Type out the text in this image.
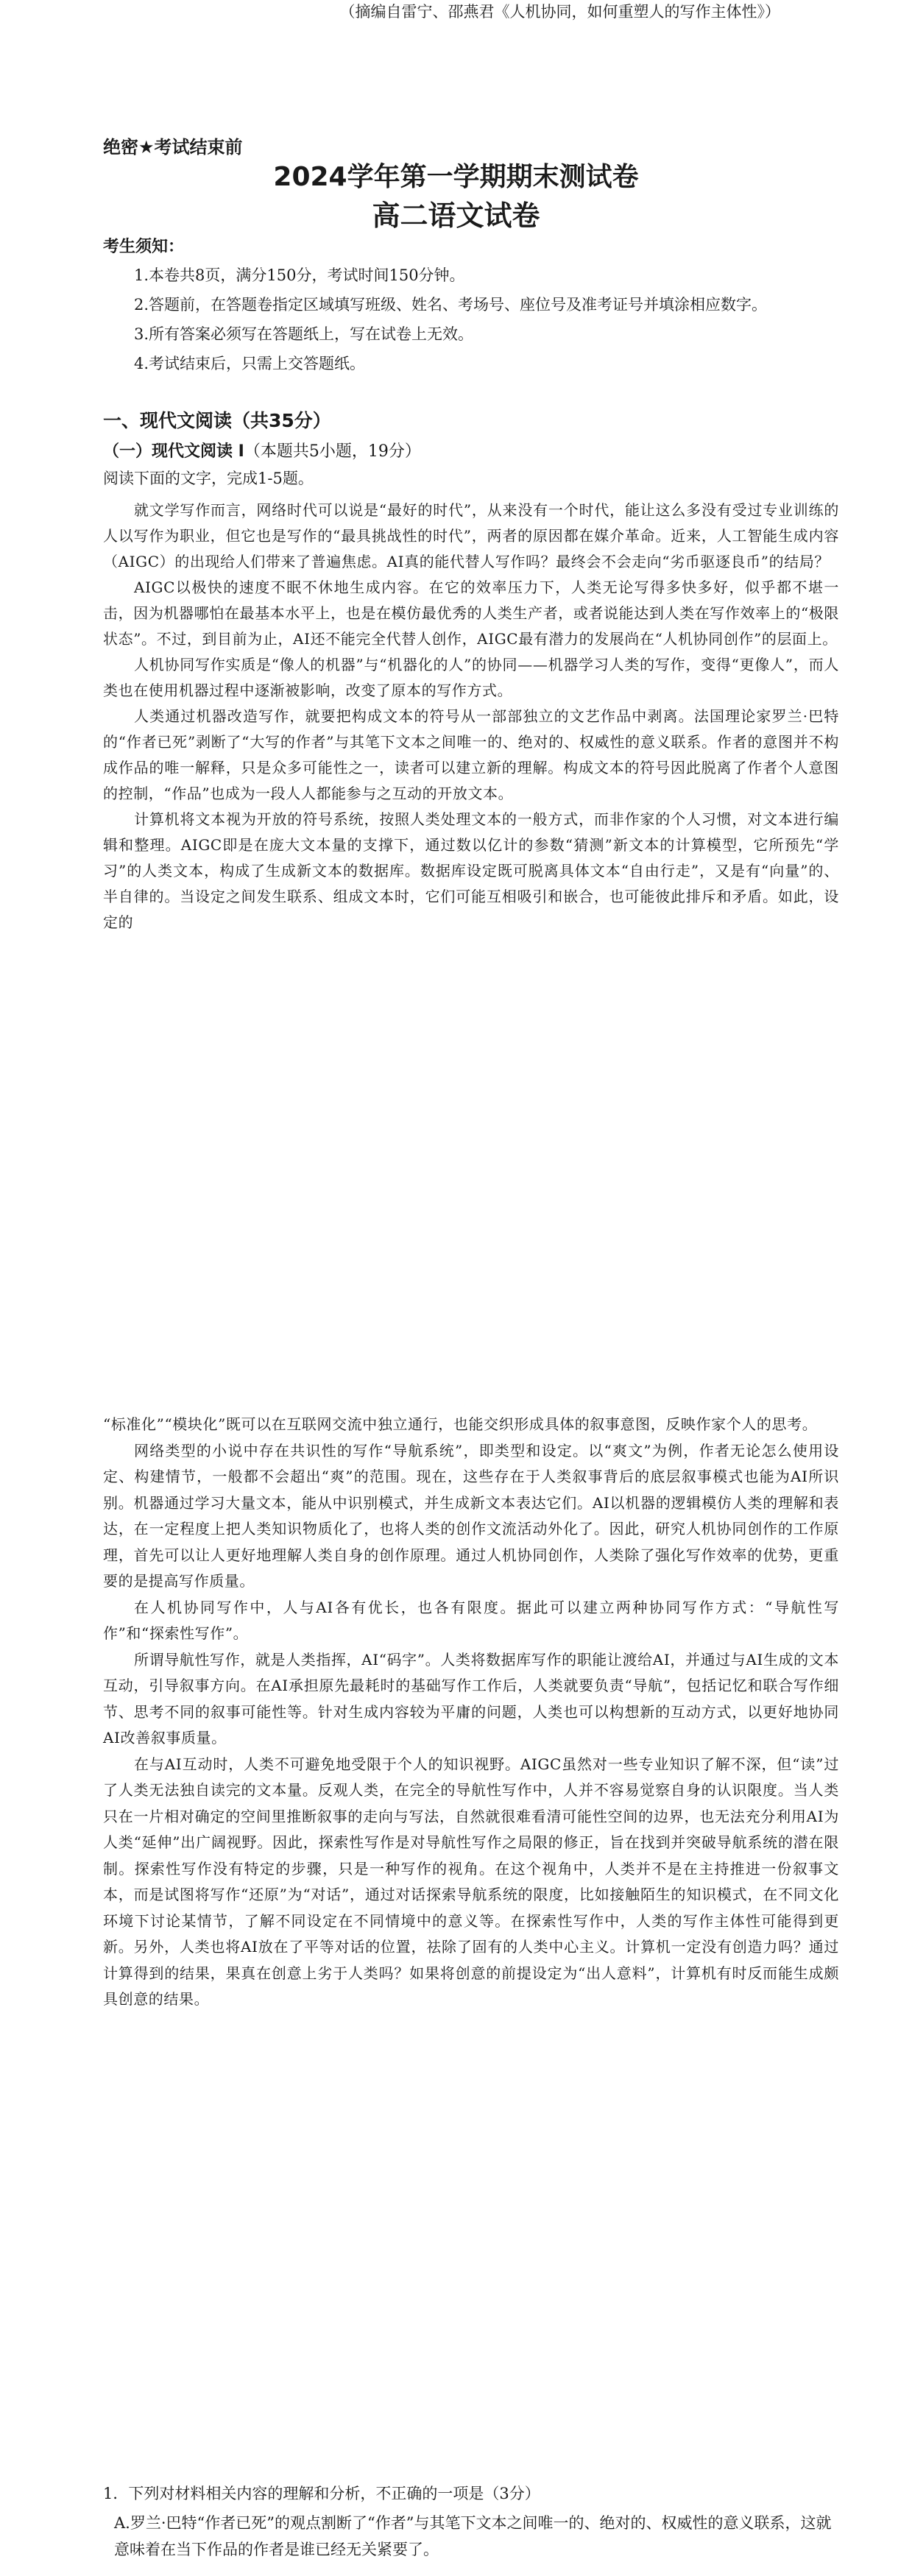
绝密★考试结束前
2024学年第一学期期末测试卷
高二语文试卷
考生须知：

1.本卷共8页，满分150分，考试时间150分钟。

2.答题前，在答题卷指定区域填写班级、姓名、考场号、座位号及准考证号并填涂相应数字。

3.所有答案必须写在答题纸上，写在试卷上无效。

4.考试结束后，只需上交答题纸。

一、现代文阅读（共35分）
（一）现代文阅读 I（本题共5小题，19分）
阅读下面的文字，完成1-5题。

就文学写作而言，网络时代可以说是“最好的时代”，从来没有一个时代，能让这么多没有受过专业训练的人以写作为职业，但它也是写作的“最具挑战性的时代”，两者的原因都在媒介革命。近来，人工智能生成内容（AIGC）的出现给人们带来了普遍焦虑。AI真的能代替人写作吗？最终会不会走向“劣币驱逐良币”的结局？

AIGC以极快的速度不眠不休地生成内容。在它的效率压力下，人类无论写得多快多好，似乎都不堪一击，因为机器哪怕在最基本水平上，也是在模仿最优秀的人类生产者，或者说能达到人类在写作效率上的“极限状态”。不过，到目前为止，AI还不能完全代替人创作，AIGC最有潜力的发展尚在“人机协同创作”的层面上。

人机协同写作实质是“像人的机器”与“机器化的人”的协同——机器学习人类的写作，变得“更像人”，而人类也在使用机器过程中逐渐被影响，改变了原本的写作方式。

人类通过机器改造写作，就要把构成文本的符号从一部部独立的文艺作品中剥离。法国理论家罗兰·巴特的“作者已死”剥断了“大写的作者”与其笔下文本之间唯一的、绝对的、权威性的意义联系。作者的意图并不构成作品的唯一解释，只是众多可能性之一，读者可以建立新的理解。构成文本的符号因此脱离了作者个人意图的控制，“作品”也成为一段人人都能参与之互动的开放文本。

计算机将文本视为开放的符号系统，按照人类处理文本的一般方式，而非作家的个人习惯，对文本进行编辑和整理。AIGC即是在庞大文本量的支撑下，通过数以亿计的参数“猜测”新文本的计算模型，它所预先“学习”的人类文本，构成了生成新文本的数据库。数据库设定既可脱离具体文本“自由行走”，又是有“向量”的、半自律的。当设定之间发生联系、组成文本时，它们可能互相吸引和嵌合，也可能彼此排斥和矛盾。如此，设定的

“标准化”“模块化”既可以在互联网交流中独立通行，也能交织形成具体的叙事意图，反映作家个人的思考。

网络类型的小说中存在共识性的写作“导航系统”，即类型和设定。以“爽文”为例，作者无论怎么使用设定、构建情节，一般都不会超出“爽”的范围。现在，这些存在于人类叙事背后的底层叙事模式也能为AI所识别。机器通过学习大量文本，能从中识别模式，并生成新文本表达它们。AI以机器的逻辑模仿人类的理解和表达，在一定程度上把人类知识物质化了，也将人类的创作文流活动外化了。因此，研究人机协同创作的工作原理，首先可以让人更好地理解人类自身的创作原理。通过人机协同创作，人类除了强化写作效率的优势，更重要的是提高写作质量。

在人机协同写作中，人与AI各有优长，也各有限度。据此可以建立两种协同写作方式：“导航性写作”和“探索性写作”。

所谓导航性写作，就是人类指挥，AI“码字”。人类将数据库写作的职能让渡给AI，并通过与AI生成的文本互动，引导叙事方向。在AI承担原先最耗时的基础写作工作后，人类就要负责“导航”，包括记忆和联合写作细节、思考不同的叙事可能性等。针对生成内容较为平庸的问题，人类也可以构想新的互动方式，以更好地协同AI改善叙事质量。

在与AI互动时，人类不可避免地受限于个人的知识视野。AIGC虽然对一些专业知识了解不深，但“读”过了人类无法独自读完的文本量。反观人类，在完全的导航性写作中，人并不容易觉察自身的认识限度。当人类只在一片相对确定的空间里推断叙事的走向与写法，自然就很难看清可能性空间的边界，也无法充分利用AI为人类“延伸”出广阔视野。因此，探索性写作是对导航性写作之局限的修正，旨在找到并突破导航系统的潜在限制。探索性写作没有特定的步骤，只是一种写作的视角。在这个视角中，人类并不是在主持推进一份叙事文本，而是试图将写作“还原”为“对话”，通过对话探索导航系统的限度，比如接触陌生的知识模式，在不同文化环境下讨论某情节，了解不同设定在不同情境中的意义等。在探索性写作中，人类的写作主体性可能得到更新。另外，人类也将AI放在了平等对话的位置，祛除了固有的人类中心主义。计算机一定没有创造力吗？通过计算得到的结果，果真在创意上劣于人类吗？如果将创意的前提设定为“出人意料”，计算机有时反而能生成颇具创意的结果。

（摘编自雷宁、邵燕君《人机协同，如何重塑人的写作主体性》）
1．下列对材料相关内容的理解和分析，不正确的一项是（3分）
A.罗兰·巴特“作者已死”的观点割断了“作者”与其笔下文本之间唯一的、绝对的、权威性的意义联系，这就意味着在当下作品的作者是谁已经无关紧要了。
